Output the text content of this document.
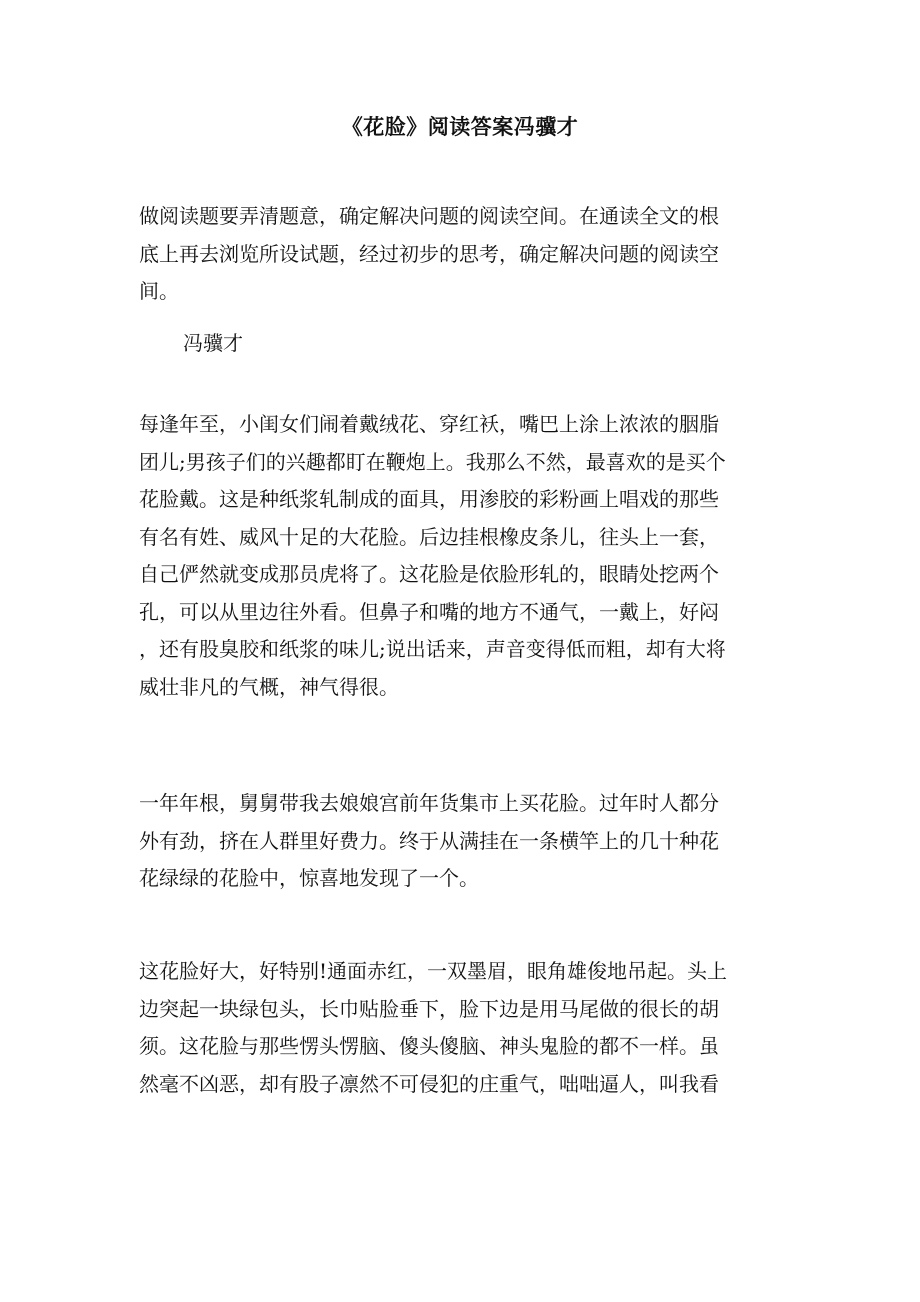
《花脸》阅读答案冯骥才
做阅读题要弄清题意，确定解决问题的阅读空间。在通读全文的根
底上再去浏览所设试题，经过初步的思考，确定解决问题的阅读空
间。
冯骥才
每逢年至，小闺女们闹着戴绒花、穿红袄，嘴巴上涂上浓浓的胭脂
团儿;男孩子们的兴趣都盯在鞭炮上。我那么不然，最喜欢的是买个
花脸戴。这是种纸浆轧制成的面具，用渗胶的彩粉画上唱戏的那些
有名有姓、威风十足的大花脸。后边挂根橡皮条儿，往头上一套，
自己俨然就变成那员虎将了。这花脸是依脸形轧的，眼睛处挖两个
孔，可以从里边往外看。但鼻子和嘴的地方不通气，一戴上，好闷
，还有股臭胶和纸浆的味儿;说出话来，声音变得低而粗，却有大将
威壮非凡的气概，神气得很。
一年年根，舅舅带我去娘娘宫前年货集市上买花脸。过年时人都分
外有劲，挤在人群里好费力。终于从满挂在一条横竿上的几十种花
花绿绿的花脸中，惊喜地发现了一个。
这花脸好大，好特别!通面赤红，一双墨眉，眼角雄俊地吊起。头上
边突起一块绿包头，长巾贴脸垂下，脸下边是用马尾做的很长的胡
须。这花脸与那些愣头愣脑、傻头傻脑、神头鬼脸的都不一样。虽
然毫不凶恶，却有股子凛然不可侵犯的庄重气，咄咄逼人，叫我看
